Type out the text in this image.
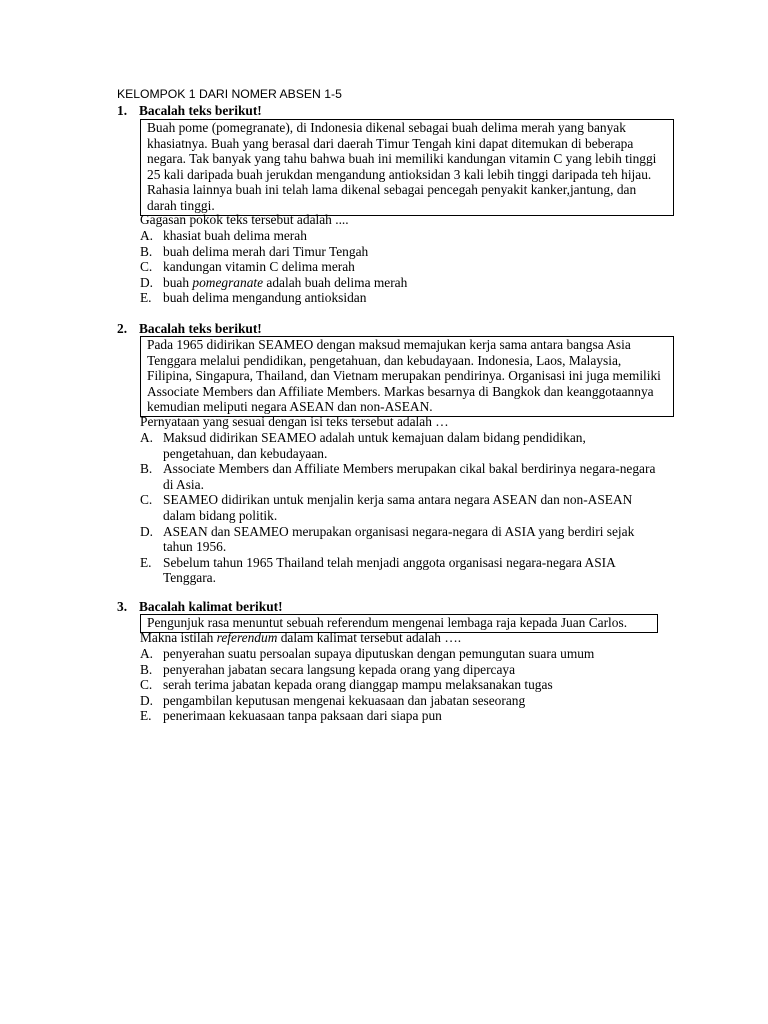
KELOMPOK 1 DARI NOMER ABSEN 1-5
1. Bacalah teks berikut!

Buah pome (pomegranate), di Indonesia dikenal sebagai buah delima merah yang banyak khasiatnya. Buah yang berasal dari daerah Timur Tengah kini dapat ditemukan di beberapa negara. Tak banyak yang tahu bahwa buah ini memiliki kandungan vitamin C yang lebih tinggi 25 kali daripada buah jerukdan mengandung antioksidan 3 kali lebih tinggi daripada teh hijau. Rahasia lainnya buah ini telah lama dikenal sebagai pencegah penyakit kanker,jantung, dan darah tinggi.

Gagasan pokok teks tersebut adalah ....
A. khasiat buah delima merah
B. buah delima merah dari Timur Tengah
C. kandungan vitamin C delima merah
D. buah pomegranate adalah buah delima merah
E. buah delima mengandung antioksidan
2. Bacalah teks berikut!

Pada 1965 didirikan SEAMEO dengan maksud memajukan kerja sama antara bangsa Asia Tenggara melalui pendidikan, pengetahuan, dan kebudayaan. Indonesia, Laos, Malaysia, Filipina, Singapura, Thailand, dan Vietnam merupakan pendirinya. Organisasi ini juga memiliki Associate Members dan Affiliate Members. Markas besarnya di Bangkok dan keanggotaannya kemudian meliputi negara ASEAN dan non-ASEAN.

Pernyataan yang sesuai dengan isi teks tersebut adalah …
A. Maksud didirikan SEAMEO adalah untuk kemajuan dalam bidang pendidikan, pengetahuan, dan kebudayaan.
B. Associate Members dan Affiliate Members merupakan cikal bakal berdirinya negara-negara di Asia.
C. SEAMEO didirikan untuk menjalin kerja sama antara negara ASEAN dan non-ASEAN dalam bidang politik.
D. ASEAN dan SEAMEO merupakan organisasi negara-negara di ASIA yang berdiri sejak tahun 1956.
E. Sebelum tahun 1965 Thailand telah menjadi anggota organisasi negara-negara ASIA Tenggara.
3. Bacalah kalimat berikut!

Pengunjuk rasa menuntut sebuah referendum mengenai lembaga raja kepada Juan Carlos.

Makna istilah referendum dalam kalimat tersebut adalah ….
A. penyerahan suatu persoalan supaya diputuskan dengan pemungutan suara umum
B. penyerahan jabatan secara langsung kepada orang yang dipercaya
C. serah terima jabatan kepada orang dianggap mampu melaksanakan tugas
D. pengambilan keputusan mengenai kekuasaan dan jabatan seseorang
E. penerimaan kekuasaan tanpa paksaan dari siapa pun
